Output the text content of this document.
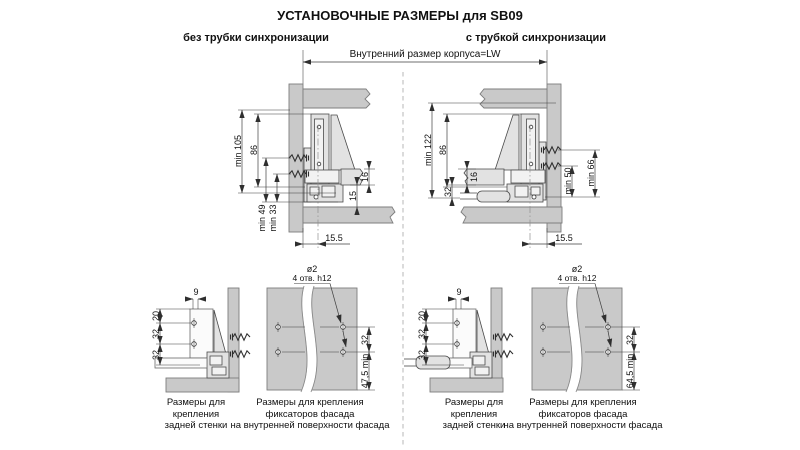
УСТАНОВОЧНЫЕ РАЗМЕРЫ для SB09
без трубки синхронизации	с трубкой синхронизации
Внутренний размер корпуса=LW
min 105 86
min 49 min 33
16
15
15.5
min 122 86
16
32	min 50 min 66
15.5
9
20
32
32
Размеры для
крепления
задней стенки
ø2
4 отв. h12
32
47,5 min
Размеры для крепления
фиксаторов фасада
на внутренней поверхности фасада
9
20
32
32
Размеры для
крепления
задней стенки
ø2
4 отв. h12
32
64,5 min
Размеры для крепления
фиксаторов фасада
на внутренней поверхности фасада
